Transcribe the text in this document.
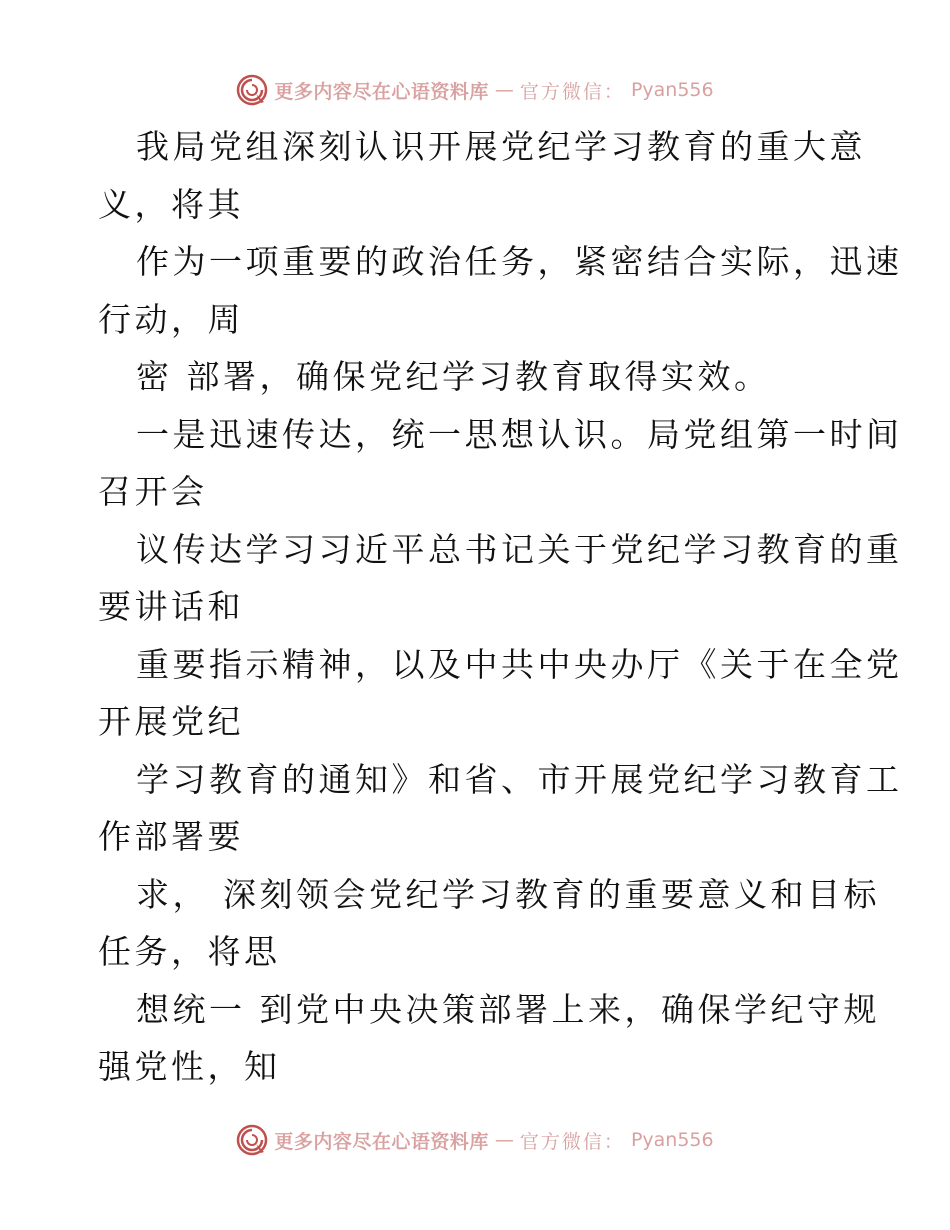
更多内容尽在心语资料库 — 官方微信： Pyan556
我局党组深刻认识开展党纪学习教育的重大意
义，将其
作为一项重要的政治任务，紧密结合实际，迅速
行动，周
密 部署，确保党纪学习教育取得实效。
一是迅速传达，统一思想认识。局党组第一时间
召开会
议传达学习习近平总书记关于党纪学习教育的重
要讲话和
重要指示精神，以及中共中央办厅《关于在全党
开展党纪
学习教育的通知》和省、市开展党纪学习教育工
作部署要
求， 深刻领会党纪学习教育的重要意义和目标
任务，将思
想统一 到党中央决策部署上来，确保学纪守规
强党性，知
更多内容尽在心语资料库 — 官方微信： Pyan556
